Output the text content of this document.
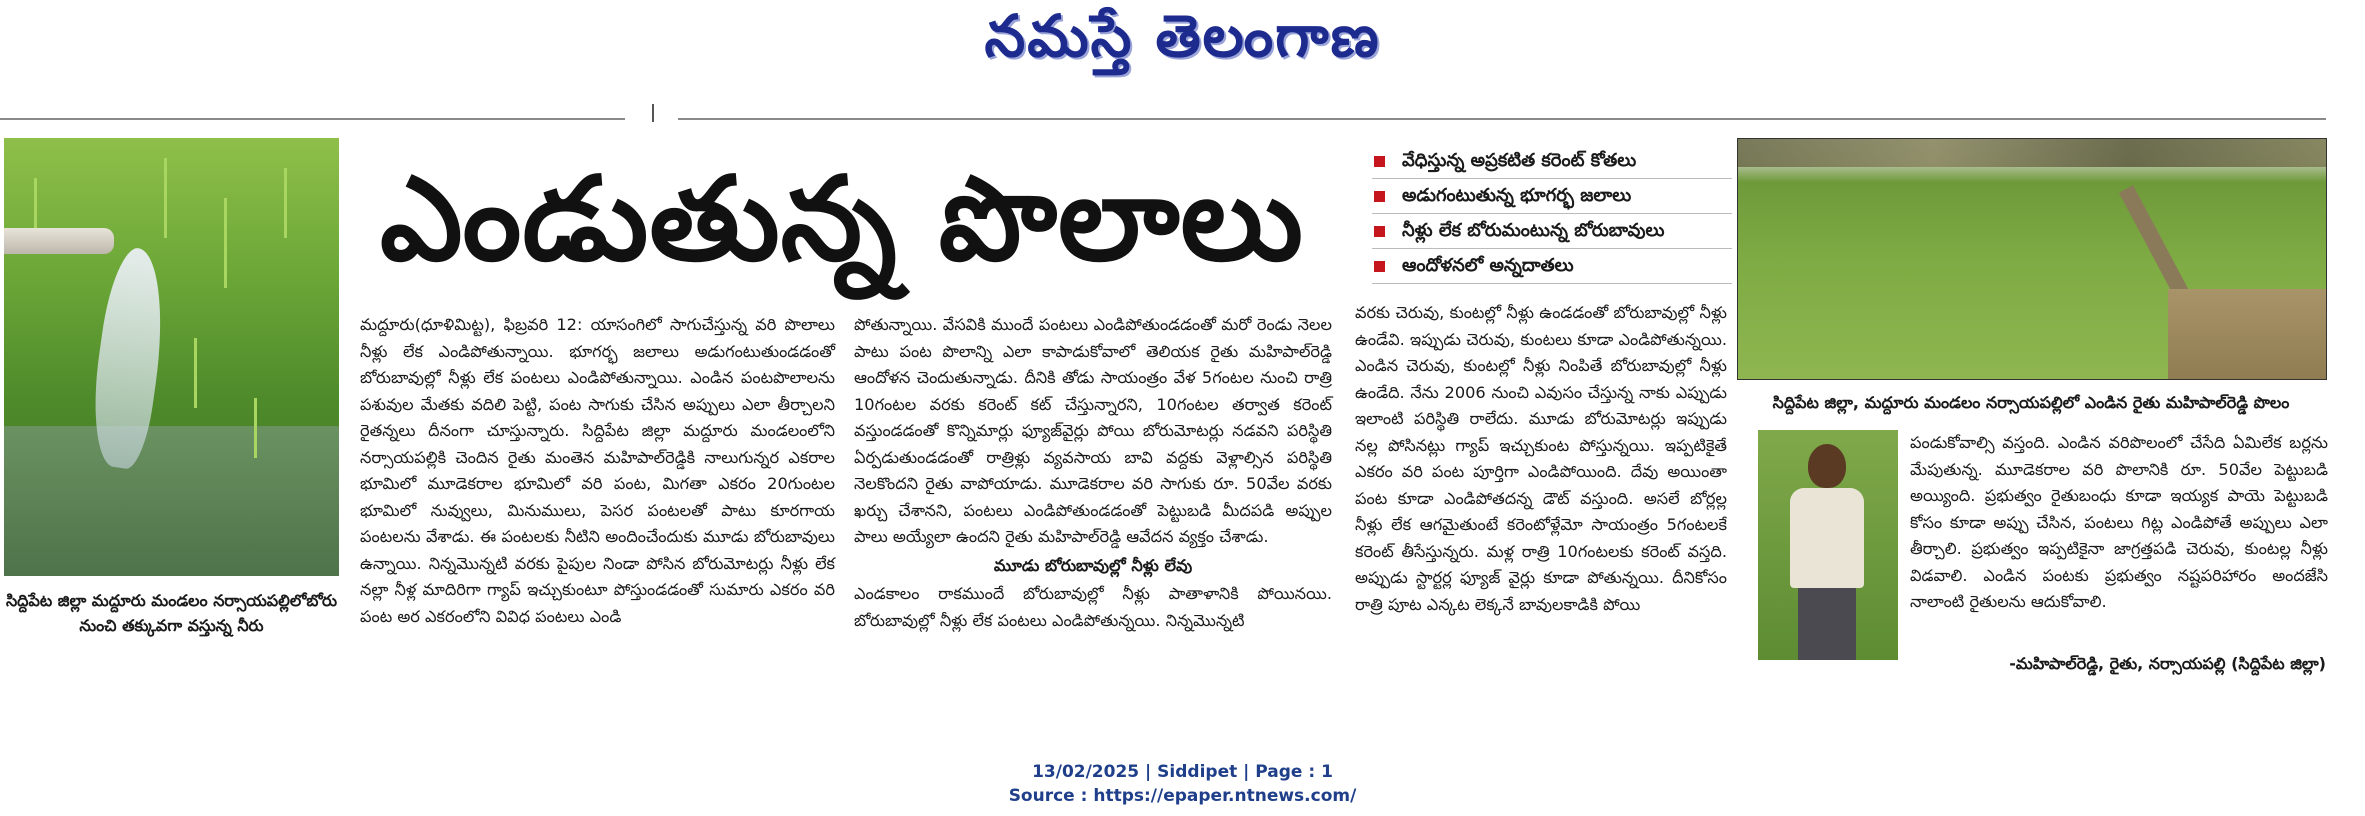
నమస్తే తెలంగాణ
సిద్దిపేట జిల్లా మద్దూరు మండలం నర్సాయపల్లిలోబోరు నుంచి తక్కువగా వస్తున్న నీరు
ఎండుతున్న పొలాలు

మద్దూరు(ధూళిమిట్ట), ఫిబ్రవరి 12: యాసంగిలో సాగుచేస్తున్న వరి పొలాలు నీళ్లు లేక ఎండిపోతున్నాయి. భూగర్భ జలాలు అడుగంటుతుండడంతో బోరుబావుల్లో నీళ్లు లేక పంటలు ఎండిపోతున్నాయి. ఎండిన పంటపొలాలను పశువుల మేతకు వదిలి పెట్టి, పంట సాగుకు చేసిన అప్పులు ఎలా తీర్చాలని రైతన్నలు దీనంగా చూస్తున్నారు. సిద్దిపేట జిల్లా మద్దూరు మండలంలోని నర్సాయపల్లికి చెందిన రైతు మంతెన మహిపాల్‌రెడ్డికి నాలుగున్నర ఎకరాల భూమిలో మూడెకరాల భూమిలో వరి పంట, మిగతా ఎకరం 20గుంటల భూమిలో నువ్వులు, మినుములు, పెసర పంటలతో పాటు కూరగాయ పంటలను వేశాడు. ఈ పంటలకు నీటిని అందించేందుకు మూడు బోరుబావులు ఉన్నాయి. నిన్నమొన్నటి వరకు పైపుల నిండా పోసిన బోరుమోటర్లు నీళ్లు లేక నల్లా నీళ్ల మాదిరిగా గ్యాప్ ఇచ్చుకుంటూ పోస్తుండడంతో సుమారు ఎకరం వరి పంట అర ఎకరంలోని వివిధ పంటలు ఎండి

పోతున్నాయి. వేసవికి ముందే పంటలు ఎండిపోతుండడంతో మరో రెండు నెలల పాటు పంట పొలాన్ని ఎలా కాపాడుకోవాలో తెలియక రైతు మహిపాల్‌రెడ్డి ఆందోళన చెందుతున్నాడు. దీనికి తోడు సాయంత్రం వేళ 5గంటల నుంచి రాత్రి 10గంటల వరకు కరెంట్ కట్ చేస్తున్నారని, 10గంటల తర్వాత కరెంట్ వస్తుండడంతో కొన్నిమార్లు ఫ్యూజ్‌వైర్లు పోయి బోరుమోటర్లు నడవని పరిస్థితి ఏర్పడుతుండడంతో రాత్రిళ్లు వ్యవసాయ బావి వద్దకు వెళ్లాల్సిన పరిస్థితి నెలకొందని రైతు వాపోయాడు. మూడెకరాల వరి సాగుకు రూ. 50వేల వరకు ఖర్చు చేశానని, పంటలు ఎండిపోతుండడంతో పెట్టుబడి మీదపడి అప్పుల పాలు అయ్యేలా ఉందని రైతు మహిపాల్‌రెడ్డి ఆవేదన వ్యక్తం చేశాడు.

మూడు బోరుబావుల్లో నీళ్లు లేవు

ఎండకాలం రాకముందే బోరుబావుల్లో నీళ్లు పాతాళానికి పోయినయి. బోరుబావుల్లో నీళ్లు లేక పంటలు ఎండిపోతున్నయి. నిన్నమొన్నటి

వేధిస్తున్న అప్రకటిత కరెంట్ కోతలు
అడుగంటుతున్న భూగర్భ జలాలు
నీళ్లు లేక బోరుమంటున్న బోరుబావులు
ఆందోళనలో అన్నదాతలు

వరకు చెరువు, కుంటల్లో నీళ్లు ఉండడంతో బోరుబావుల్లో నీళ్లు ఉండేవి. ఇప్పుడు చెరువు, కుంటలు కూడా ఎండిపోతున్నయి. ఎండిన చెరువు, కుంటల్లో నీళ్లు నింపితే బోరుబావుల్లో నీళ్లు ఉండేది. నేను 2006 నుంచి ఎవుసం చేస్తున్న నాకు ఎప్పుడు ఇలాంటి పరిస్థితి రాలేదు. మూడు బోరుమోటర్లు ఇప్పుడు నల్ల పోసినట్లు గ్యాప్ ఇచ్చుకుంట పోస్తున్నయి. ఇప్పటికైతే ఎకరం వరి పంట పూర్తిగా ఎండిపోయింది. దేవు అయింతా పంట కూడా ఎండిపోతదన్న డౌట్ వస్తుంది. అసలే బోర్లల్ల నీళ్లు లేక ఆగమైతుంటే కరెంటోళ్లేమో సాయంత్రం 5గంటలకే కరెంట్ తీసేస్తున్నరు. మళ్ల రాత్రి 10గంటలకు కరెంట్ వస్తది. అప్పుడు స్టార్టర్ల ఫ్యూజ్ వైర్లు కూడా పోతున్నయి. దీనికోసం రాత్రి పూట ఎన్కట లెక్కనే బావులకాడికి పోయి

సిద్దిపేట జిల్లా, మద్దూరు మండలం నర్సాయపల్లిలో ఎండిన రైతు మహిపాల్‌రెడ్డి పొలం

పండుకోవాల్సి వస్తంది. ఎండిన వరిపొలంలో చేసేది ఏమిలేక బర్లను మేపుతున్న. మూడెకరాల వరి పొలానికి రూ. 50వేల పెట్టుబడి అయ్యింది. ప్రభుత్వం రైతుబంధు కూడా ఇయ్యక పాయె పెట్టుబడి కోసం కూడా అప్పు చేసిన, పంటలు గిట్ల ఎండిపోతే అప్పులు ఎలా తీర్చాలి. ప్రభుత్వం ఇప్పటికైనా జాగ్రత్తపడి చెరువు, కుంటల్ల నీళ్లు విడవాలి. ఎండిన పంటకు ప్రభుత్వం నష్టపరిహారం అందజేసి నాలాంటి రైతులను ఆదుకోవాలి.

-మహిపాల్‌రెడ్డి, రైతు, నర్సాయపల్లి (సిద్దిపేట జిల్లా)
13/02/2025 | Siddipet | Page : 1
Source : https://epaper.ntnews.com/
